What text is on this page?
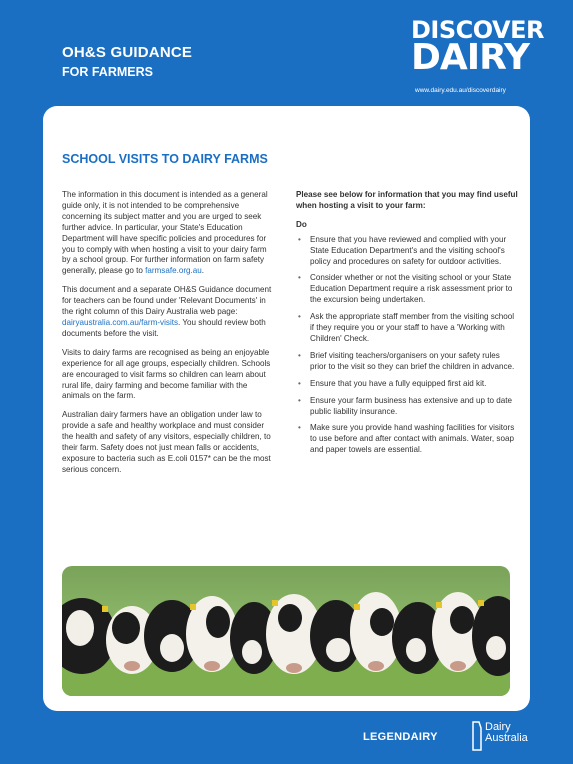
OH&S GUIDANCE
FOR FARMERS
DISCOVER
DAIRY
www.dairy.edu.au/discoverdairy
SCHOOL VISITS TO DAIRY FARMS

The information in this document is intended as a general guide only, it is not intended to be comprehensive concerning its subject matter and you are urged to seek further advice. In particular, your State's Education Department will have specific policies and procedures for you to comply with when hosting a visit to your dairy farm by a school group. For further information on farm safety generally, please go to farmsafe.org.au.

This document and a separate OH&S Guidance document for teachers can be found under 'Relevant Documents' in the right column of this Dairy Australia web page: dairyaustralia.com.au/farm-visits. You should review both documents before the visit.

Visits to dairy farms are recognised as being an enjoyable experience for all age groups, especially children. Schools are encouraged to visit farms so children can learn about rural life, dairy farming and become familiar with the animals on the farm.

Australian dairy farmers have an obligation under law to provide a safe and healthy workplace and must consider the health and safety of any visitors, especially children, to their farm. Safety does not just mean falls or accidents, exposure to bacteria such as E.coli 0157* can be the most serious concern.

Please see below for information that you may find useful when hosting a visit to your farm:

Do

• Ensure that you have reviewed and complied with your State Education Department's and the visiting school's policy and procedures on safety for outdoor activities.
• Consider whether or not the visiting school or your State Education Department require a risk assessment prior to the excursion being undertaken.
• Ask the appropriate staff member from the visiting school if they require you or your staff to have a 'Working with Children' Check.
• Brief visiting teachers/organisers on your safety rules prior to the visit so they can brief the children in advance.
• Ensure that you have a fully equipped first aid kit.
• Ensure your farm business has extensive and up to date public liability insurance.
• Make sure you provide hand washing facilities for visitors to use before and after contact with animals. Water, soap and paper towels are essential.
LEGENDAIRY
Dairy
Australia
